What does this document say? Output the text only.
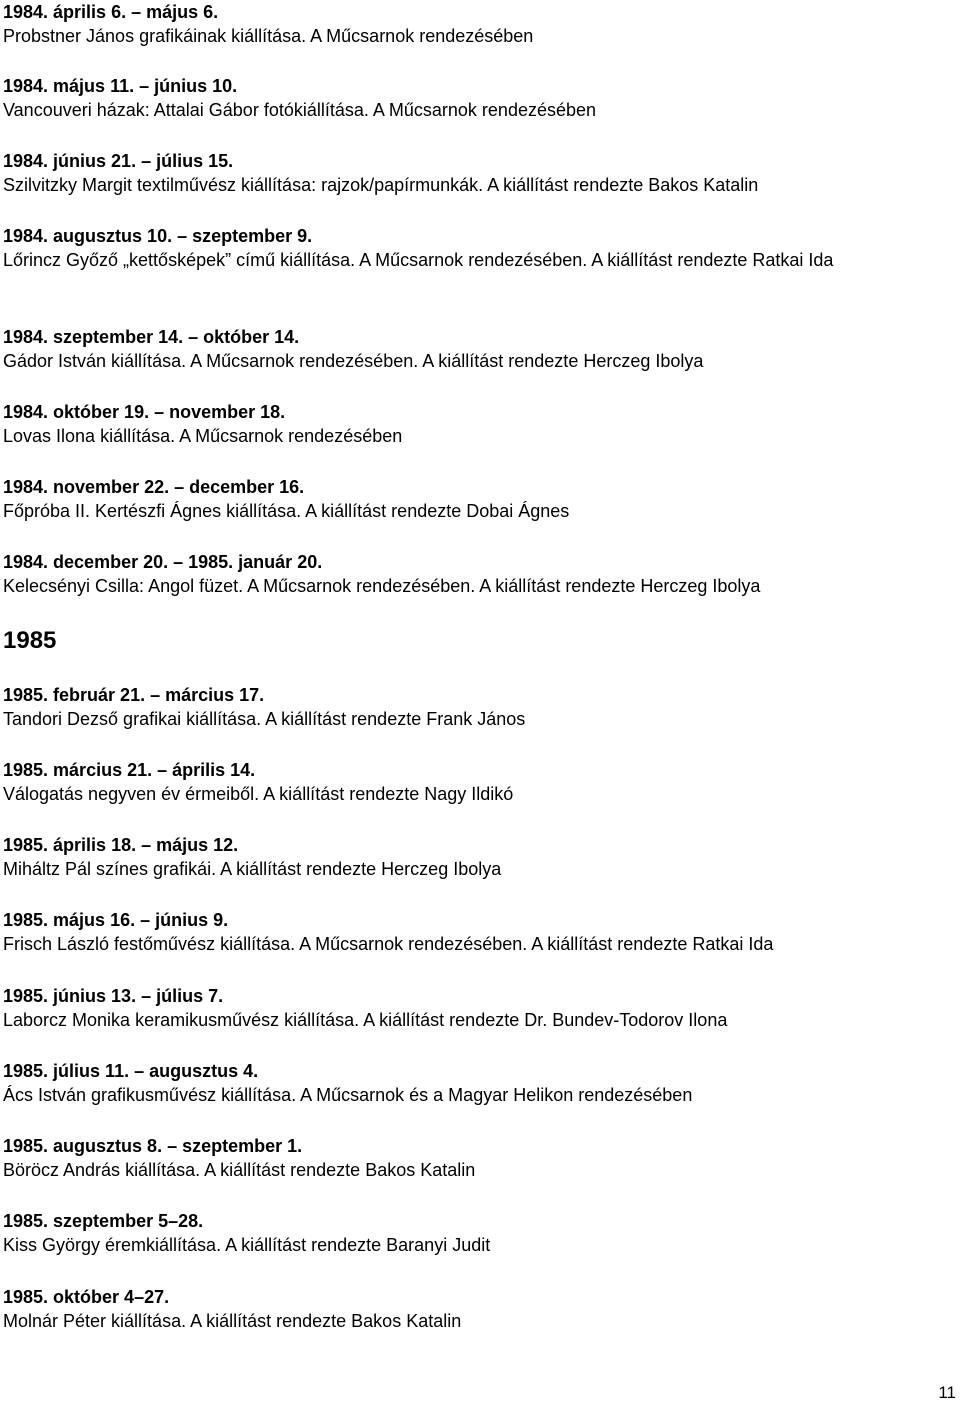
1984. április 6. – május 6.
Probstner János grafikáinak kiállítása. A Műcsarnok rendezésében
1984. május 11. – június 10.
Vancouveri házak: Attalai Gábor fotókiállítása. A Műcsarnok rendezésében
1984. június 21. – július 15.
Szilvitzky Margit textilművész kiállítása: rajzok/papírmunkák. A kiállítást rendezte Bakos Katalin
1984. augusztus 10. – szeptember 9.
Lőrincz Győző „kettősképek” című kiállítása. A Műcsarnok rendezésében. A kiállítást rendezte Ratkai Ida
1984. szeptember 14. – október 14.
Gádor István kiállítása. A Műcsarnok rendezésében. A kiállítást rendezte Herczeg Ibolya
1984. október 19. – november 18.
Lovas Ilona kiállítása. A Műcsarnok rendezésében
1984. november 22. – december 16.
Főpróba II. Kertészfi Ágnes kiállítása. A kiállítást rendezte Dobai Ágnes
1984. december 20. – 1985. január 20.
Kelecsényi Csilla: Angol füzet. A Műcsarnok rendezésében. A kiállítást rendezte Herczeg Ibolya
1985
1985. február 21. – március 17.
Tandori Dezső grafikai kiállítása. A kiállítást rendezte Frank János
1985. március 21. – április 14.
Válogatás negyven év érmeiből. A kiállítást rendezte Nagy Ildikó
1985. április 18. – május 12.
Miháltz Pál színes grafikái. A kiállítást rendezte Herczeg Ibolya
1985. május 16. – június 9.
Frisch László festőművész kiállítása. A Műcsarnok rendezésében. A kiállítást rendezte Ratkai Ida
1985. június 13. – július 7.
Laborcz Monika keramikusművész kiállítása. A kiállítást rendezte Dr. Bundev-Todorov Ilona
1985. július 11. – augusztus 4.
Ács István grafikusművész kiállítása. A Műcsarnok és a Magyar Helikon rendezésében
1985. augusztus 8. – szeptember 1.
Böröcz András kiállítása. A kiállítást rendezte Bakos Katalin
1985. szeptember 5–28.
Kiss György éremkiállítása. A kiállítást rendezte Baranyi Judit
1985. október 4–27.
Molnár Péter kiállítása. A kiállítást rendezte Bakos Katalin
11
